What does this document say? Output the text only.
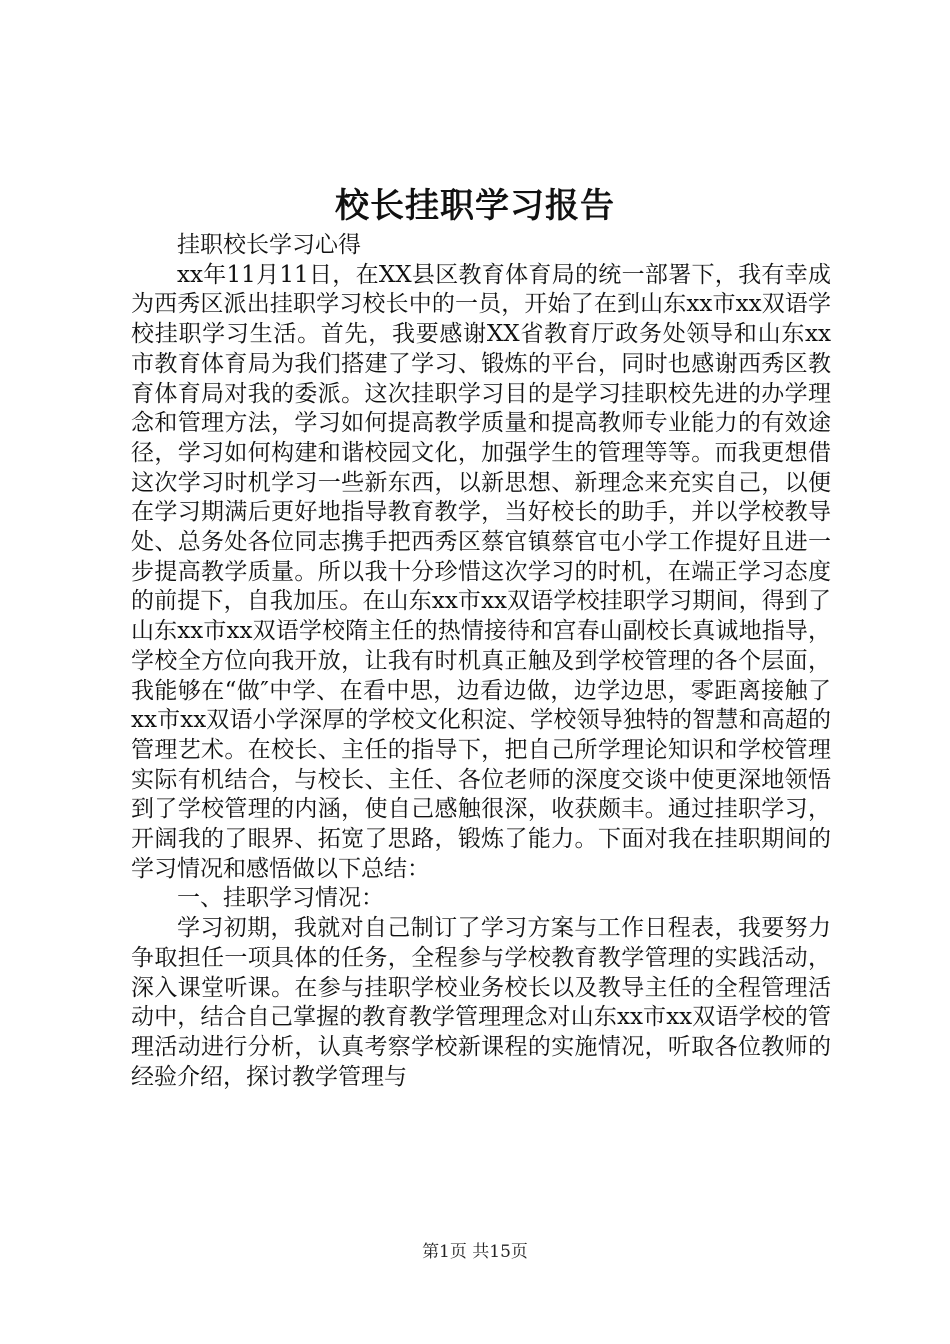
校长挂职学习报告

挂职校长学习心得

xx年11月11日，在XX县区教育体育局的统一部署下，我有幸成为西秀区派出挂职学习校长中的一员，开始了在到山东xx市xx双语学校挂职学习生活。首先，我要感谢XX省教育厅政务处领导和山东xx市教育体育局为我们搭建了学习、锻炼的平台，同时也感谢西秀区教育体育局对我的委派。这次挂职学习目的是学习挂职校先进的办学理念和管理方法，学习如何提高教学质量和提高教师专业能力的有效途径，学习如何构建和谐校园文化，加强学生的管理等等。而我更想借这次学习时机学习一些新东西，以新思想、新理念来充实自己，以便在学习期满后更好地指导教育教学，当好校长的助手，并以学校教导处、总务处各位同志携手把西秀区蔡官镇蔡官屯小学工作提好且进一步提高教学质量。所以我十分珍惜这次学习的时机，在端正学习态度的前提下，自我加压。在山东xx市xx双语学校挂职学习期间，得到了山东xx市xx双语学校隋主任的热情接待和宫春山副校长真诚地指导，学校全方位向我开放，让我有时机真正触及到学校管理的各个层面，我能够在“做″中学、在看中思，边看边做，边学边思，零距离接触了xx市xx双语小学深厚的学校文化积淀、学校领导独特的智慧和高超的管理艺术。在校长、主任的指导下，把自己所学理论知识和学校管理实际有机结合，与校长、主任、各位老师的深度交谈中使更深地领悟到了学校管理的内涵，使自己感触很深，收获颇丰。通过挂职学习，开阔我的了眼界、拓宽了思路，锻炼了能力。下面对我在挂职期间的学习情况和感悟做以下总结：

一、挂职学习情况：

学习初期，我就对自己制订了学习方案与工作日程表，我要努力争取担任一项具体的任务，全程参与学校教育教学管理的实践活动，深入课堂听课。在参与挂职学校业务校长以及教导主任的全程管理活动中，结合自己掌握的教育教学管理理念对山东xx市xx双语学校的管理活动进行分析，认真考察学校新课程的实施情况，听取各位教师的经验介绍，探讨教学管理与

第1页 共15页
